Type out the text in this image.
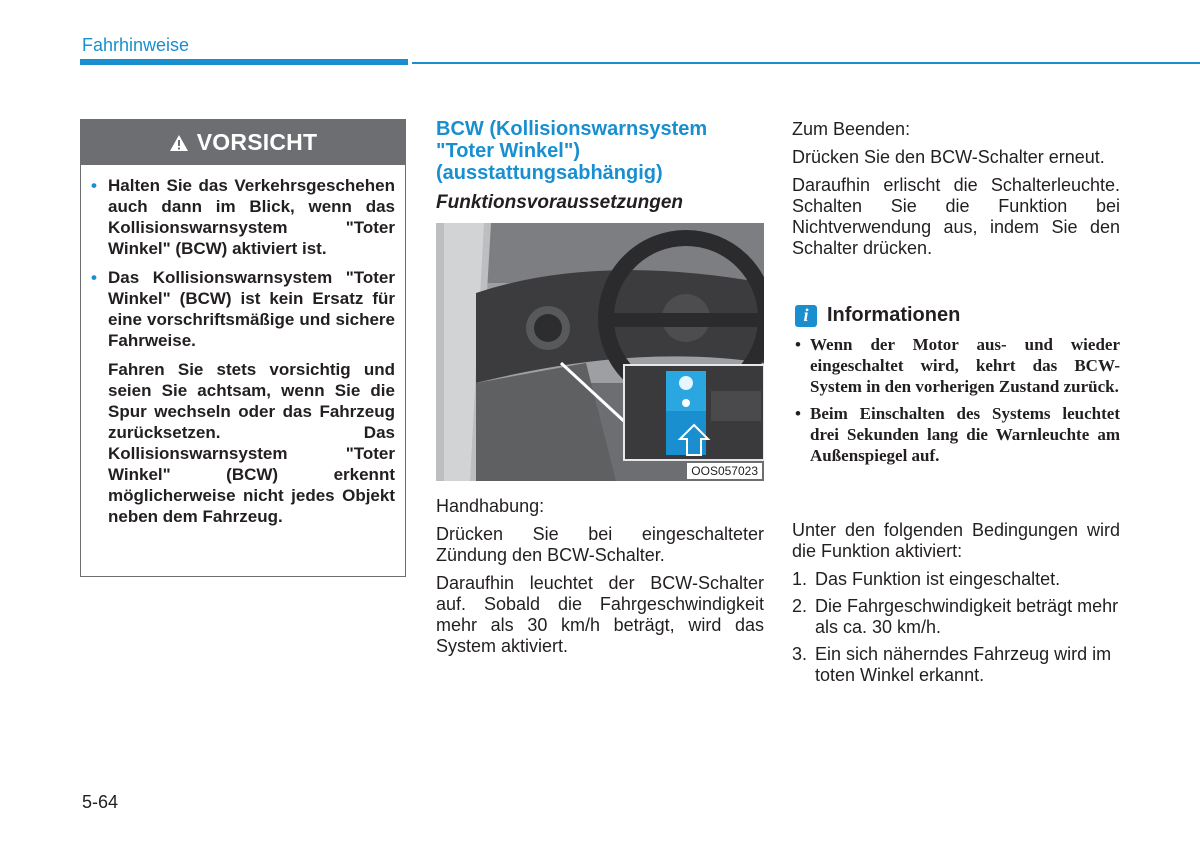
Fahrhinweise
VORSICHT
• Halten Sie das Verkehrsgeschehen auch dann im Blick, wenn das Kollisionswarnsystem "Toter Winkel" (BCW) aktiviert ist.
• Das Kollisionswarnsystem "Toter Winkel" (BCW) ist kein Ersatz für eine vorschriftsmäßige und sichere Fahrweise.
Fahren Sie stets vorsichtig und seien Sie achtsam, wenn Sie die Spur wechseln oder das Fahrzeug zurücksetzen. Das Kollisionswarnsystem "Toter Winkel" (BCW) erkennt möglicherweise nicht jedes Objekt neben dem Fahrzeug.
BCW (Kollisionswarnsystem "Toter Winkel") (ausstattungsabhängig)
Funktionsvoraussetzungen
OOS057023

Handhabung:

Drücken Sie bei eingeschalteter Zündung den BCW-Schalter.

Daraufhin leuchtet der BCW-Schalter auf. Sobald die Fahrgeschwindigkeit mehr als 30 km/h beträgt, wird das System aktiviert.

Zum Beenden:

Drücken Sie den BCW-Schalter erneut.

Daraufhin erlischt die Schalterleuchte. Schalten Sie die Funktion bei Nichtverwendung aus, indem Sie den Schalter drücken.

i Informationen
• Wenn der Motor aus- und wieder eingeschaltet wird, kehrt das BCW-System in den vorherigen Zustand zurück.
• Beim Einschalten des Systems leuchtet drei Sekunden lang die Warnleuchte am Außenspiegel auf.

Unter den folgenden Bedingungen wird die Funktion aktiviert:

1. Das Funktion ist eingeschaltet.
2. Die Fahrgeschwindigkeit beträgt mehr als ca. 30 km/h.
3. Ein sich näherndes Fahrzeug wird im toten Winkel erkannt.
5-64
